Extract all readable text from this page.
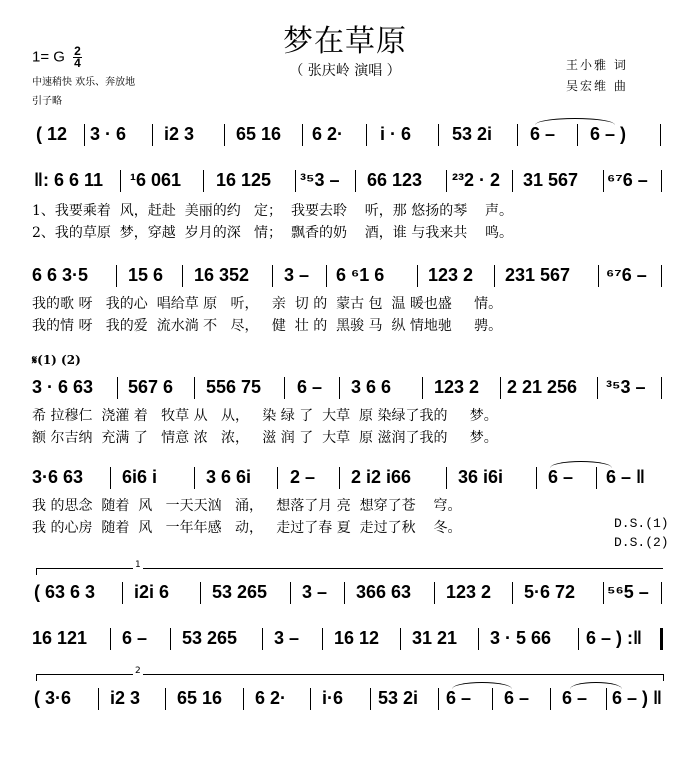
梦在草原
（ 张庆岭 演唱 ）
1= G $\frac{2}{4}$
中速稍快 欢乐、奔放地
引子略
王小雅 词
吴宏维 曲
( 12 3 · 6 i2 3 65 16 6 2· i · 6 53 2i 6 – 6 – )
‖: 6 6 11 ¹6 061 16 125 ³⁵3 – 66 123 ²³2 · 2 31 567 ⁶⁷6 –
1、我要乘着  风，赶赴  美丽的约   定；  我要去聆    听，那 悠扬的琴    声。
2、我的草原  梦，穿越  岁月的深   情；  飘香的奶    酒，谁 与我来共    鸣。
6 6 3·5 15 6 16 352 3 – 6 ⁶1 6 123 2 231 567 ⁶⁷6 –
我的歌 呀   我的心  唱给草 原   听，   亲  切 的  蒙古 包  温 暖也盛     情。
我的情 呀   我的爱  流水淌 不   尽，   健  壮 的  黑骏 马  纵 情地驰     骋。
𝄋(1) (2)
3 · 6 63 567 6 556 75 6 – 3 6 6 123 2 2 21 256 ³⁵3 –
希 拉穆仁  浇灌 着   牧草 从   从，   染 绿 了  大草  原 染绿了我的     梦。
额 尔吉纳  充满 了   情意 浓   浓，   滋 润 了  大草  原 滋润了我的     梦。
3·6 63 6i6 i	3 6 6i 2 – 2 i2 i66	36 i6i 6 – 6 – ‖
我 的思念  随着  风   一天天汹   涌，   想落了月 亮  想穿了苍    穹。
我 的心房  随着  风   一年年感   动，   走过了春 夏  走过了秋    冬。	D.S.(1)
D.S.(2)
1
( 63 6 3 i2i 6 53 265 3 – 366 63 123 2 5·6 72 ⁵⁶5 –
16 121 6 – 53 265 3 – 16 12 31 21 3 · 5 66 6 – ) :‖
2
( 3·6 i2 3 65 16 6 2· i·6 53 2i 6 – 6 – 6 – 6 – ) ‖
